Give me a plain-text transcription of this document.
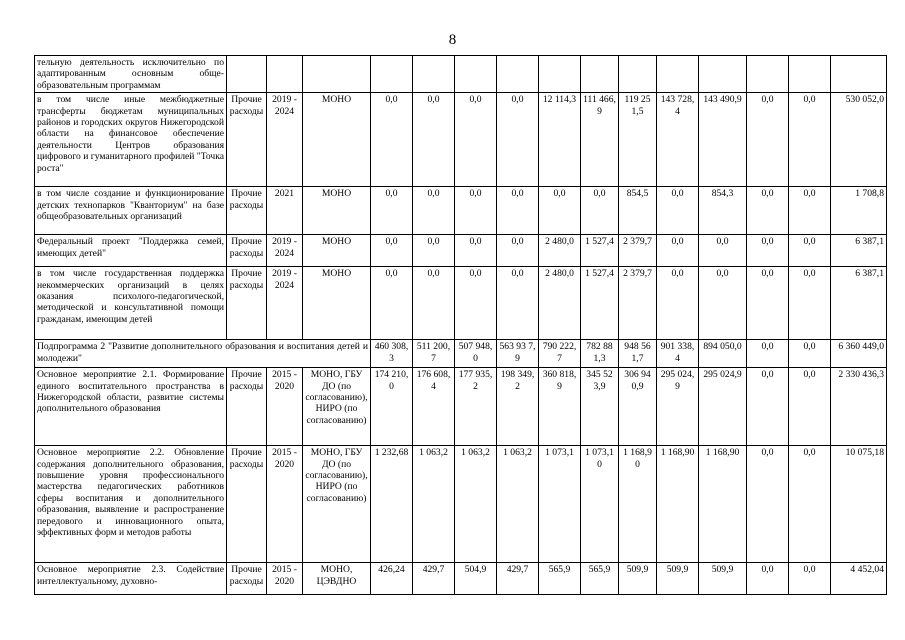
8
тельную деятельность исключительно по адаптированным основным обще-образовательным программам																
в том числе иные межбюджетные трансферты бюджетам муниципальных районов и городских округов Нижегородской области на финансовое обеспечение деятельности Центров образования цифрового и гуманитарного профилей "Точка роста"	Прочие расходы	2019 - 2024	МОНО	0,0	0,0	0,0	0,0	12 114,3	111 466,9	119 251,5	143 728,4	143 490,9	0,0	0,0	530 052,0	
в том числе создание и функционирование детских технопарков "Кванториум" на базе общеобразовательных организаций	Прочие расходы	2021	МОНО	0,0	0,0	0,0	0,0	0,0	0,0	854,5	0,0	854,3	0,0	0,0	1 708,8	
Федеральный проект "Поддержка семей, имеющих детей"	Прочие расходы	2019 - 2024	МОНО	0,0	0,0	0,0	0,0	2 480,0	1 527,4	2 379,7	0,0	0,0	0,0	0,0	6 387,1	
в том числе государственная поддержка некоммерческих организаций в целях оказания психолого-педагогической, методической и консультативной помощи гражданам, имеющим детей	Прочие расходы	2019 - 2024	МОНО	0,0	0,0	0,0	0,0	2 480,0	1 527,4	2 379,7	0,0	0,0	0,0	0,0	6 387,1	
Подпрограмма 2 "Развитие дополнительного образования и воспитания детей и молодежи"				460 308,3	511 200,7	507 948,0	563 93 7,9	790 222,7	782 881,3	948 561,7	901 338,4	894 050,0	0,0	0,0	6 360 449,0	
Основное мероприятие 2.1. Формирование единого воспитательного пространства в Нижегородской области, развитие системы дополнительного образования	Прочие расходы	2015 - 2020	МОНО, ГБУ ДО (по согласованию), НИРО (по согласованию)	174 210,0	176 608,4	177 935,2	198 349,2	360 818,9	345 523,9	306 940,9	295 024,9	295 024,9	0,0	0,0	2 330 436,3	
Основное мероприятие 2.2. Обновление содержания дополнительного образования, повышение уровня профессионального мастерства педагогических работников сферы воспитания и дополнительного образования, выявление и распространение передового и инновационного опыта, эффективных форм и методов работы	Прочие расходы	2015 - 2020	МОНО, ГБУ ДО (по согласованию), НИРО (по согласованию)	1 232,68	1 063,2	1 063,2	1 063,2	1 073,1	1 073,10	1 168,90	1 168,90	1 168,90	0,0	0,0	10 075,18	
Основное мероприятие 2.3. Содействие интеллектуальному, духовно-	Прочие расходы	2015 - 2020	МОНО, ЦЭВДНО	426,24	429,7	504,9	429,7	565,9	565,9	509,9	509,9	509,9	0,0	0,0	4 452,04	
